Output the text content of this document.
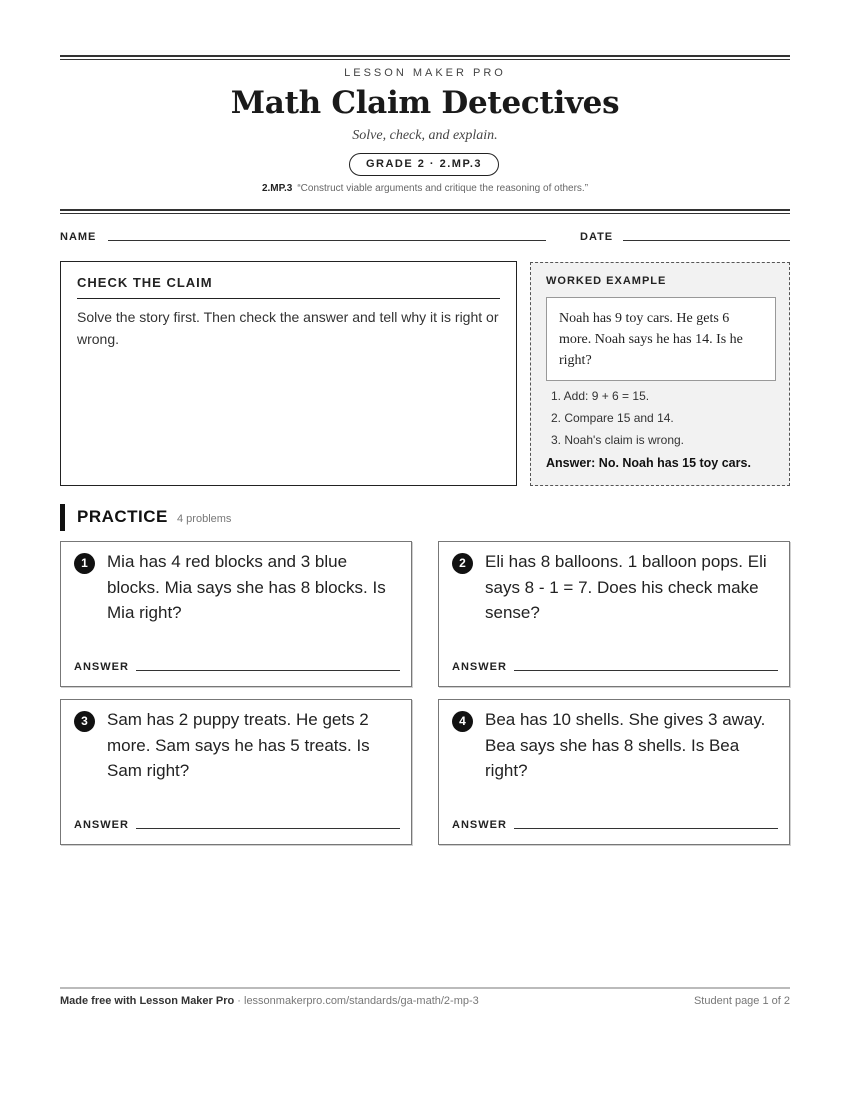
LESSON MAKER PRO
Math Claim Detectives
Solve, check, and explain.
GRADE 2 · 2.MP.3
2.MP.3 “Construct viable arguments and critique the reasoning of others.”
NAME	DATE
CHECK THE CLAIM
Solve the story first. Then check the answer and tell why it is right or wrong.
WORKED EXAMPLE
Noah has 9 toy cars. He gets 6 more. Noah says he has 14. Is he right?
1. Add: 9 + 6 = 15.
2. Compare 15 and 14.
3. Noah's claim is wrong.
Answer: No. Noah has 15 toy cars.
PRACTICE 4 problems
1	Mia has 4 red blocks and 3 blue blocks. Mia says she has 8 blocks. Is Mia right?
ANSWER
2	Eli has 8 balloons. 1 balloon pops. Eli says 8 - 1 = 7. Does his check make sense?
ANSWER
3	Sam has 2 puppy treats. He gets 2 more. Sam says he has 5 treats. Is Sam right?
ANSWER
4	Bea has 10 shells. She gives 3 away. Bea says she has 8 shells. Is Bea right?
ANSWER
Made free with Lesson Maker Pro · lessonmakerpro.com/standards/ga-math/2-mp-3	Student page 1 of 2
